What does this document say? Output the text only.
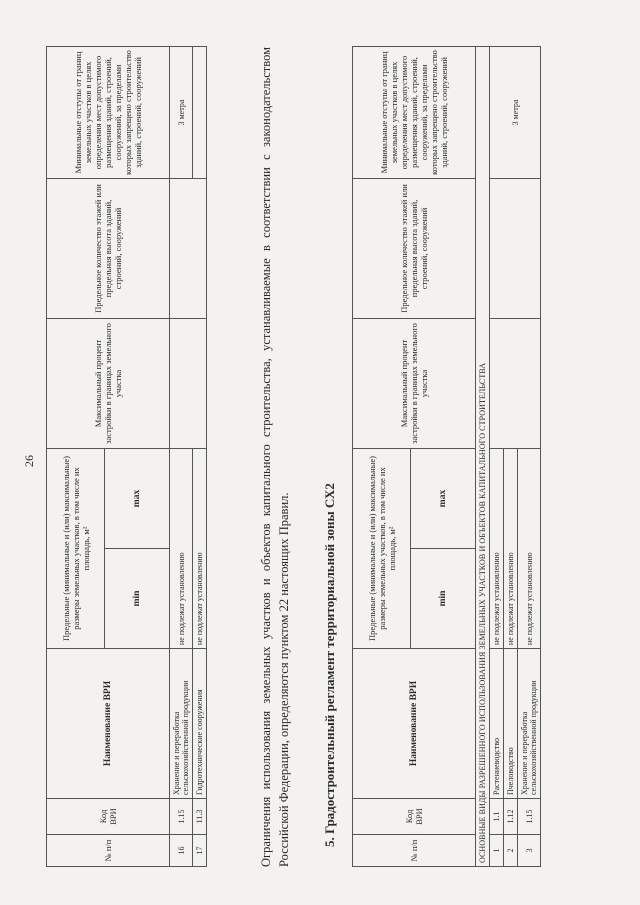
26
№ п/п	Код ВРИ	Наименование ВРИ	Предельные (минимальные и (или) максимальные) размеры земельных участков, в том числе их площадь, м²		Максимальный процент застройки в границах земельного участка	Предельное количество этажей или предельная высота зданий, строений, сооружений	Минимальные отступы от границ земельных участков в целях определения мест допустимого размещения зданий, строений, сооружений, за пределами которых запрещено строительство зданий, строений, сооружений
			min	max			
16	1.15	Хранение и переработка сельскохозяйственной продукции	не подлежат установлению				3 метра
17	11.3	Гидротехнические сооружения	не подлежат установлению					Ограничения использования земельных участков и объектов капитального строительства, устанавливаемые в соответствии с законодательством Российской Федерации, определяются пунктом 22 настоящих Правил. 5. Градостроительный регламент территориальной зоны СХ2
№ п/п	Код ВРИ	Наименование ВРИ	Предельные (минимальные и (или) максимальные) размеры земельных участков, в том числе их площадь, м²		Максимальный процент застройки в границах земельного участка	Предельное количество этажей или предельная высота зданий, строений, сооружений	Минимальные отступы от границ земельных участков в целях определения мест допустимого размещения зданий, строений, сооружений, за пределами которых запрещено строительство зданий, строений, сооружений
			min	max			
ОСНОВНЫЕ ВИДЫ РАЗРЕШЕННОГО ИСПОЛЬЗОВАНИЯ ЗЕМЕЛЬНЫХ УЧАСТКОВ И ОБЪЕКТОВ КАПИТАЛЬНОГО СТРОИТЕЛЬСТВА							
1	1.1	Растениеводство	не подлежат установлению				3 метра
2	1.12	Пчеловодство	не подлежат установлению				
3	1.15	Хранение и переработка сельскохозяйственной продукции	не подлежат установлению				
